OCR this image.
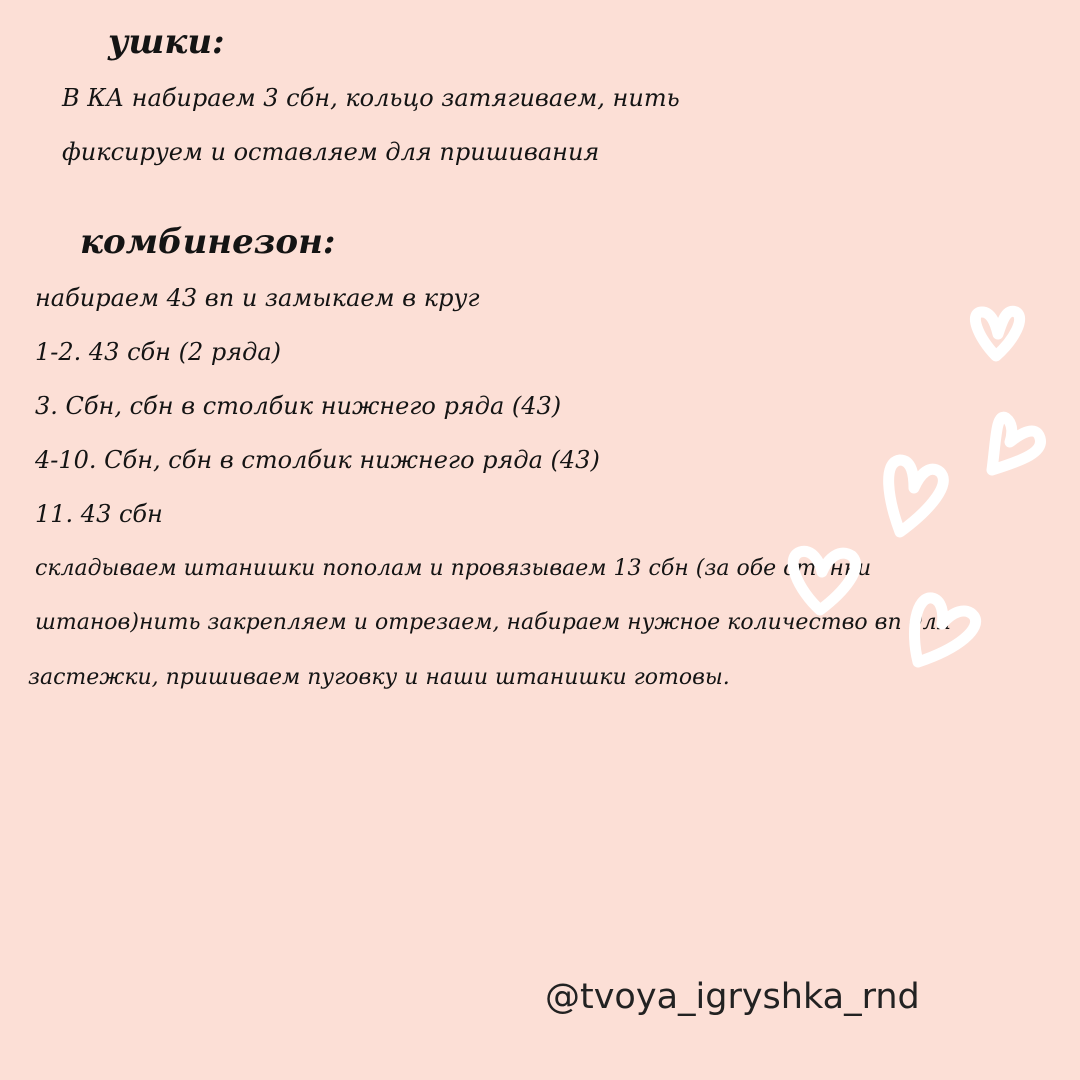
ушки:
В КА набираем 3 сбн, кольцо затягиваем, нить
фиксируем и оставляем для пришивания
комбинезон:
набираем 43 вп и замыкаем в круг
1-2. 43 сбн (2 ряда)
3. Сбн, сбн в столбик нижнего ряда (43)
4-10. Сбн, сбн в столбик нижнего ряда (43)
11. 43 сбн
складываем штанишки пополам и провязываем 13 сбн (за обе стенки
штанов)нить закрепляем и отрезаем, набираем нужное количество вп для
застежки, пришиваем пуговку и наши штанишки готовы.
@tvoya_igryshka_rnd
